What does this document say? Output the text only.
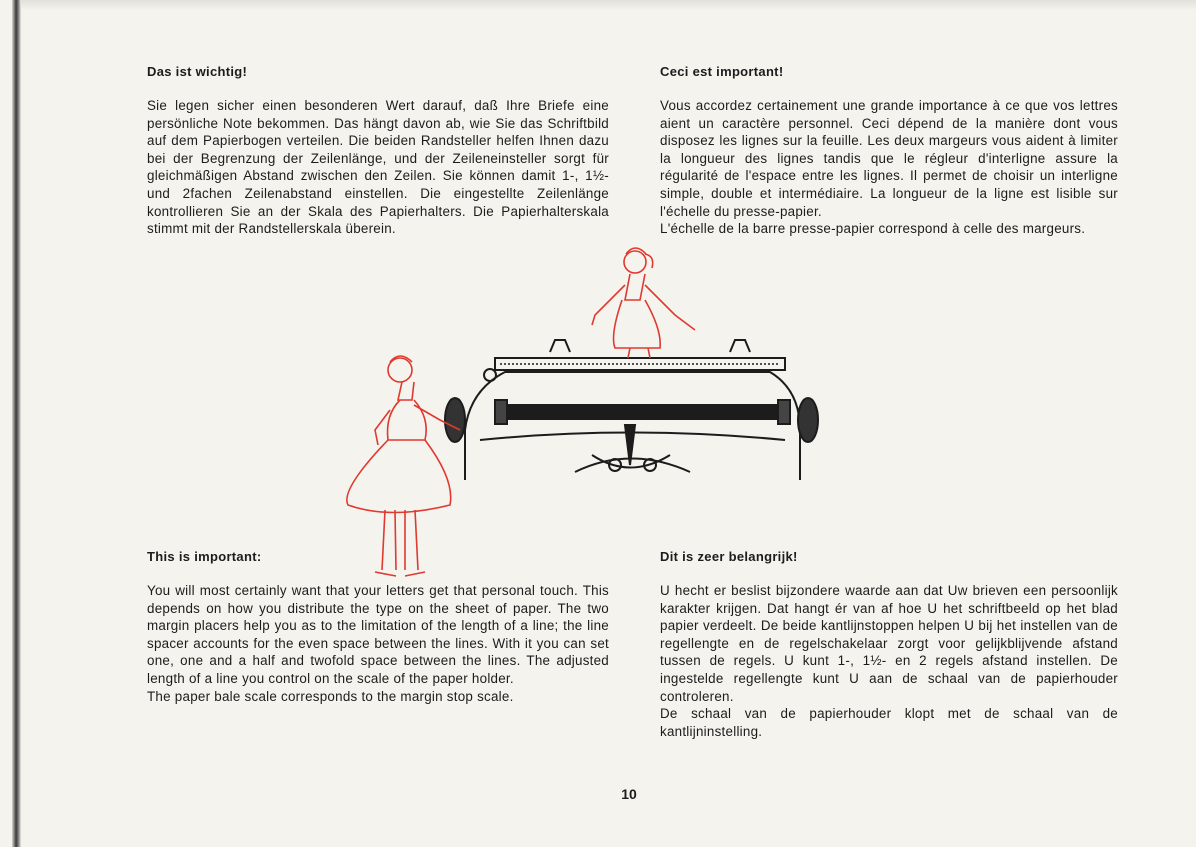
Das ist wichtig!

Sie legen sicher einen besonderen Wert darauf, daß Ihre Briefe eine persönliche Note bekommen. Das hängt davon ab, wie Sie das Schriftbild auf dem Papierbogen verteilen. Die beiden Randsteller helfen Ihnen dazu bei der Begrenzung der Zeilenlänge, und der Zeileneinsteller sorgt für gleichmäßigen Abstand zwischen den Zeilen. Sie können damit 1-, 1½- und 2fachen Zeilenabstand einstellen. Die eingestellte Zeilenlänge kontrollieren Sie an der Skala des Papierhalters. Die Papierhalterskala stimmt mit der Randstellerskala überein.

Ceci est important!

Vous accordez certainement une grande importance à ce que vos lettres aient un caractère personnel. Ceci dépend de la manière dont vous disposez les lignes sur la feuille. Les deux margeurs vous aident à limiter la longueur des lignes tandis que le régleur d'interligne assure la régularité de l'espace entre les lignes. Il permet de choisir un interligne simple, double et intermédiaire. La longueur de la ligne est lisible sur l'échelle du presse-papier.

L'échelle de la barre presse-papier correspond à celle des margeurs.

This is important:

You will most certainly want that your letters get that personal touch. This depends on how you distribute the type on the sheet of paper. The two margin placers help you as to the limitation of the length of a line; the line spacer accounts for the even space between the lines. With it you can set one, one and a half and twofold space between the lines. The adjusted length of a line you control on the scale of the paper holder.

The paper bale scale corresponds to the margin stop scale.

Dit is zeer belangrijk!

U hecht er beslist bijzondere waarde aan dat Uw brieven een persoonlijk karakter krijgen. Dat hangt ér van af hoe U het schriftbeeld op het blad papier verdeelt. De beide kantlijnstoppen helpen U bij het instellen van de regellengte en de regelschakelaar zorgt voor gelijkblijvende afstand tussen de regels. U kunt 1-, 1½- en 2 regels afstand instellen. De ingestelde regellengte kunt U aan de schaal van de papierhouder controleren.

De schaal van de papierhouder klopt met de schaal van de kantlijninstelling.

10
